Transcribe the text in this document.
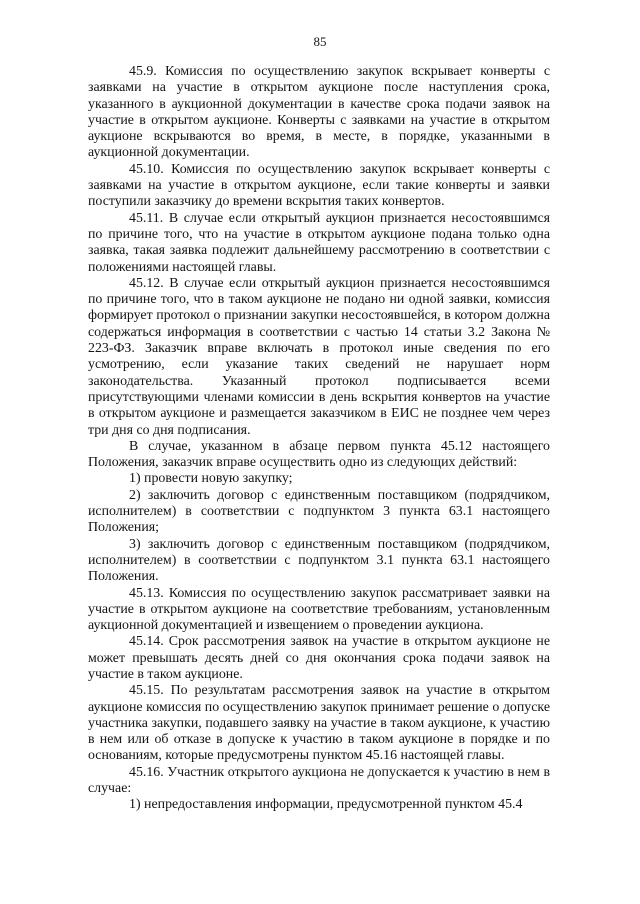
85

45.9. Комиссия по осуществлению закупок вскрывает конверты с заявками на участие в открытом аукционе после наступления срока, указанного в аукционной документации в качестве срока подачи заявок на участие в открытом аукционе. Конверты с заявками на участие в открытом аукционе вскрываются во время, в месте, в порядке, указанными в аукционной документации.

45.10. Комиссия по осуществлению закупок вскрывает конверты с заявками на участие в открытом аукционе, если такие конверты и заявки поступили заказчику до времени вскрытия таких конвертов.

45.11. В случае если открытый аукцион признается несостоявшимся по причине того, что на участие в открытом аукционе подана только одна заявка, такая заявка подлежит дальнейшему рассмотрению в соответствии с положениями настоящей главы.

45.12. В случае если открытый аукцион признается несостоявшимся по причине того, что в таком аукционе не подано ни одной заявки, комиссия формирует протокол о признании закупки несостоявшейся, в котором должна содержаться информация в соответствии с частью 14 статьи 3.2 Закона № 223-ФЗ. Заказчик вправе включать в протокол иные сведения по его усмотрению, если указание таких сведений не нарушает норм законодательства. Указанный протокол подписывается всеми присутствующими членами комиссии в день вскрытия конвертов на участие в открытом аукционе и размещается заказчиком в ЕИС не позднее чем через три дня со дня подписания.

В случае, указанном в абзаце первом пункта 45.12 настоящего Положения, заказчик вправе осуществить одно из следующих действий:

1) провести новую закупку;

2) заключить договор с единственным поставщиком (подрядчиком, исполнителем) в соответствии с подпунктом 3 пункта 63.1 настоящего Положения;

3) заключить договор с единственным поставщиком (подрядчиком, исполнителем) в соответствии с подпунктом 3.1 пункта 63.1 настоящего Положения.

45.13. Комиссия по осуществлению закупок рассматривает заявки на участие в открытом аукционе на соответствие требованиям, установленным аукционной документацией и извещением о проведении аукциона.

45.14. Срок рассмотрения заявок на участие в открытом аукционе не может превышать десять дней со дня окончания срока подачи заявок на участие в таком аукционе.

45.15. По результатам рассмотрения заявок на участие в открытом аукционе комиссия по осуществлению закупок принимает решение о допуске участника закупки, подавшего заявку на участие в таком аукционе, к участию в нем или об отказе в допуске к участию в таком аукционе в порядке и по основаниям, которые предусмотрены пунктом 45.16 настоящей главы.

45.16. Участник открытого аукциона не допускается к участию в нем в случае:

1) непредоставления информации, предусмотренной пунктом 45.4
